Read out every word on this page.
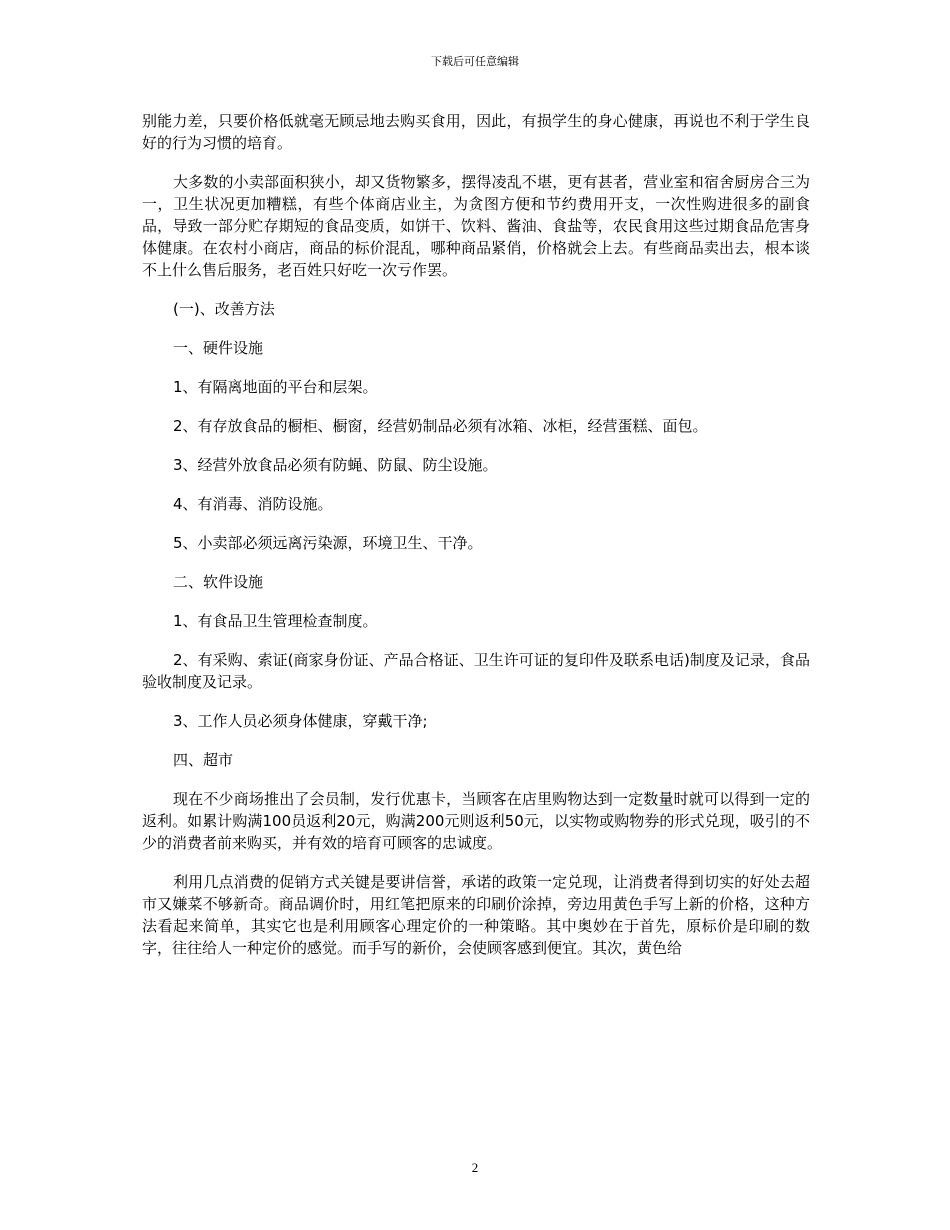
下载后可任意编辑

别能力差，只要价格低就毫无顾忌地去购买食用，因此，有损学生的身心健康，再说也不利于学生良好的行为习惯的培育。

大多数的小卖部面积狭小，却又货物繁多，摆得凌乱不堪，更有甚者，营业室和宿舍厨房合三为一，卫生状况更加糟糕，有些个体商店业主，为贪图方便和节约费用开支，一次性购进很多的副食品，导致一部分贮存期短的食品变质，如饼干、饮料、酱油、食盐等，农民食用这些过期食品危害身体健康。在农村小商店，商品的标价混乱，哪种商品紧俏，价格就会上去。有些商品卖出去，根本谈不上什么售后服务，老百姓只好吃一次亏作罢。

(一)、改善方法

一、硬件设施

1、有隔离地面的平台和层架。

2、有存放食品的橱柜、橱窗，经营奶制品必须有冰箱、冰柜，经营蛋糕、面包。

3、经营外放食品必须有防蝇、防鼠、防尘设施。

4、有消毒、消防设施。

5、小卖部必须远离污染源，环境卫生、干净。

二、软件设施

1、有食品卫生管理检查制度。

2、有采购、索证(商家身份证、产品合格证、卫生许可证的复印件及联系电话)制度及记录，食品验收制度及记录。

3、工作人员必须身体健康，穿戴干净;

四、超市

现在不少商场推出了会员制，发行优惠卡，当顾客在店里购物达到一定数量时就可以得到一定的返利。如累计购满100员返利20元，购满200元则返利50元，以实物或购物券的形式兑现，吸引的不少的消费者前来购买，并有效的培育可顾客的忠诚度。

利用几点消费的促销方式关键是要讲信誉，承诺的政策一定兑现，让消费者得到切实的好处去超市又嫌菜不够新奇。商品调价时，用红笔把原来的印刷价涂掉，旁边用黄色手写上新的价格，这种方法看起来简单，其实它也是利用顾客心理定价的一种策略。其中奥妙在于首先，原标价是印刷的数字，往往给人一种定价的感觉。而手写的新价，会使顾客感到便宜。其次，黄色给

2
